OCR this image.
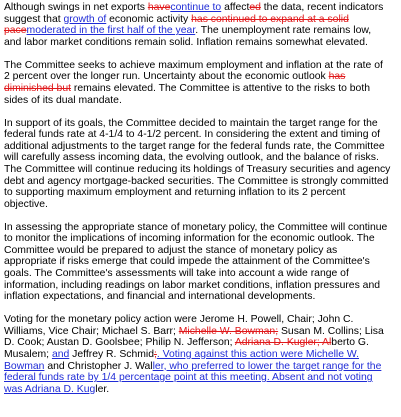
Although swings in net exports havecontinue to affected the data, recent indicators
suggest that growth of economic activity has continued to expand at a solid
pacemoderated in the first half of the year. The unemployment rate remains low,
and labor market conditions remain solid. Inflation remains somewhat elevated.
The Committee seeks to achieve maximum employment and inflation at the rate of
2 percent over the longer run. Uncertainty about the economic outlook has
diminished but remains elevated. The Committee is attentive to the risks to both
sides of its dual mandate.
In support of its goals, the Committee decided to maintain the target range for the
federal funds rate at 4-1/4 to 4-1/2 percent. In considering the extent and timing of
additional adjustments to the target range for the federal funds rate, the Committee
will carefully assess incoming data, the evolving outlook, and the balance of risks.
The Committee will continue reducing its holdings of Treasury securities and agency
debt and agency mortgage-backed securities. The Committee is strongly committed
to supporting maximum employment and returning inflation to its 2 percent
objective.
In assessing the appropriate stance of monetary policy, the Committee will continue
to monitor the implications of incoming information for the economic outlook. The
Committee would be prepared to adjust the stance of monetary policy as
appropriate if risks emerge that could impede the attainment of the Committee's
goals. The Committee's assessments will take into account a wide range of
information, including readings on labor market conditions, inflation pressures and
inflation expectations, and financial and international developments.
Voting for the monetary policy action were Jerome H. Powell, Chair; John C.
Williams, Vice Chair; Michael S. Barr; Michelle W. Bowman; Susan M. Collins; Lisa
D. Cook; Austan D. Goolsbee; Philip N. Jefferson; Adriana D. Kugler; Alberto G.
Musalem; and Jeffrey R. Schmid;. Voting against this action were Michelle W.
Bowman and Christopher J. Waller, who preferred to lower the target range for the
federal funds rate by 1/4 percentage point at this meeting. Absent and not voting
was Adriana D. Kugler.
